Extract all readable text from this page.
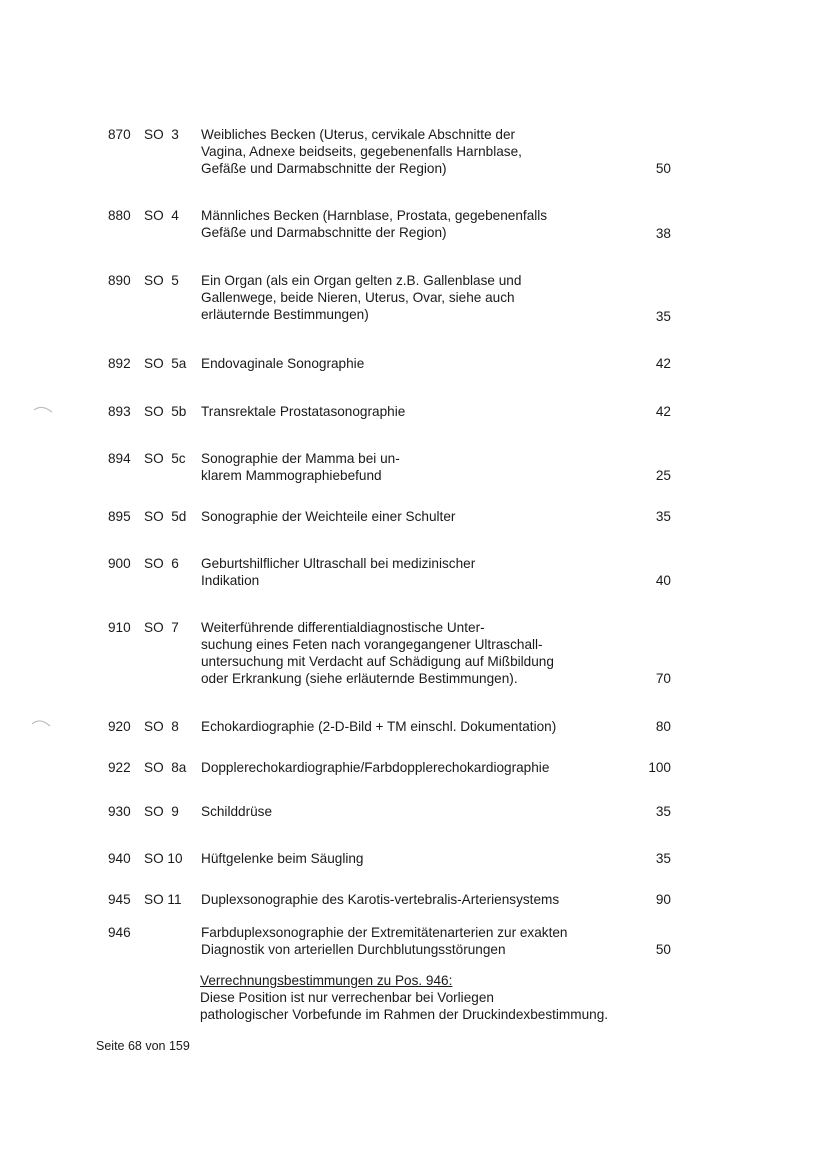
870 SO  3	Weibliches Becken (Uterus, cervikale Abschnitte der
Vagina, Adnexe beidseits, gegebenenfalls Harnblase,
Gefäße und Darmabschnitte der Region)	50
880 SO  4	Männliches Becken (Harnblase, Prostata, gegebenenfalls
Gefäße und Darmabschnitte der Region)	38
890 SO  5	Ein Organ (als ein Organ gelten z.B. Gallenblase und
Gallenwege, beide Nieren, Uterus, Ovar, siehe auch
erläuternde Bestimmungen)	35
892 SO  5a	Endovaginale Sonographie	42
893 SO  5b	Transrektale Prostatasonographie	42
894 SO  5c	Sonographie der Mamma bei un-
klarem Mammographiebefund	25
895 SO  5d	Sonographie der Weichteile einer Schulter	35
900 SO  6	Geburtshilflicher Ultraschall bei medizinischer
Indikation	40
910 SO  7	Weiterführende differentialdiagnostische Unter-
suchung eines Feten nach vorangegangener Ultraschall-
untersuchung mit Verdacht auf Schädigung auf Mißbildung
oder Erkrankung (siehe erläuternde Bestimmungen).	70
920 SO  8	Echokardiographie (2-D-Bild + TM einschl. Dokumentation)	80
922 SO  8a	Dopplerechokardiographie/Farbdopplerechokardiographie	100
930 SO  9	Schilddrüse	35
940 SO 10	Hüftgelenke beim Säugling	35
945 SO 11	Duplexsonographie des Karotis-vertebralis-Arteriensystems	90
946	Farbduplexsonographie der Extremitätenarterien zur exakten
Diagnostik von arteriellen Durchblutungsstörungen	50
Verrechnungsbestimmungen zu Pos. 946:
Diese Position ist nur verrechenbar bei Vorliegen
pathologischer Vorbefunde im Rahmen der Druckindexbestimmung.
Seite 68 von 159
